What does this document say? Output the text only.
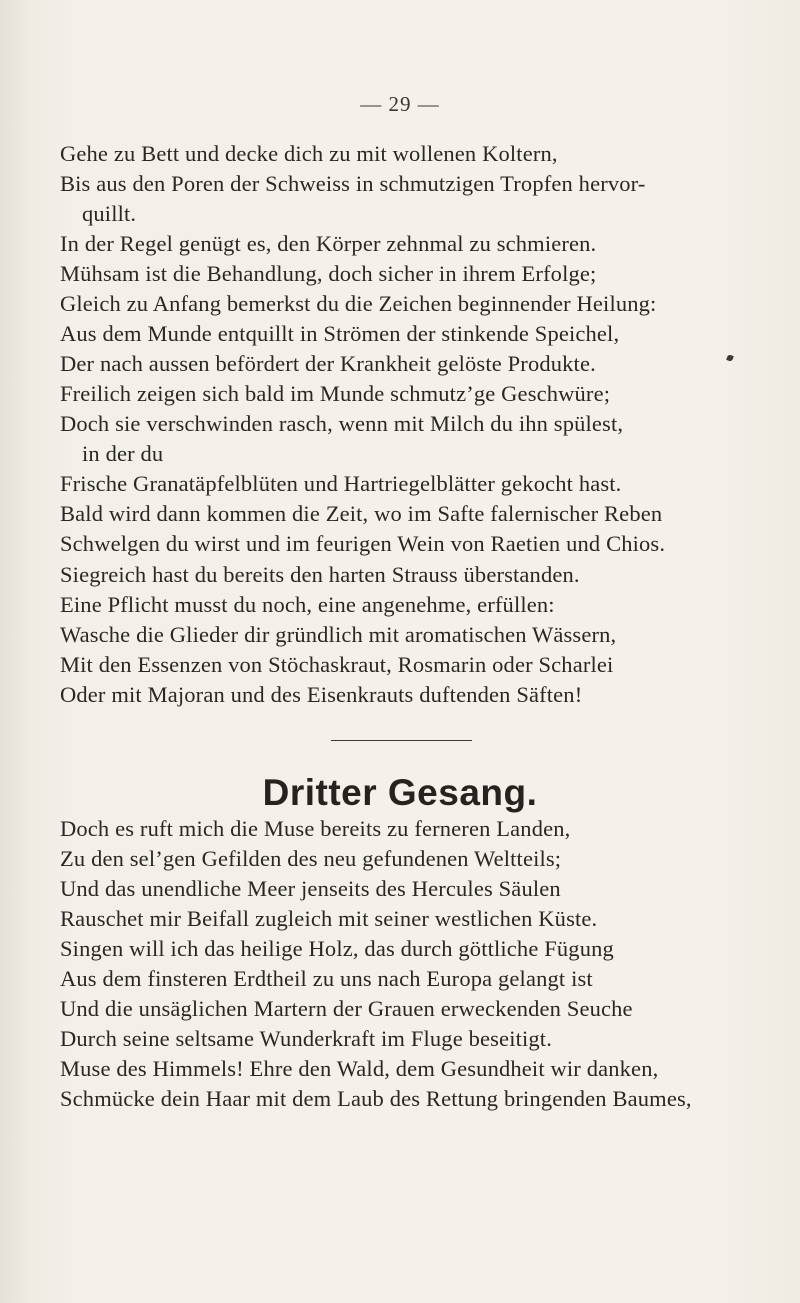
— 29 —
Gehe zu Bett und decke dich zu mit wollenen Koltern,
Bis aus den Poren der Schweiss in schmutzigen Tropfen hervor-
quillt.
In der Regel genügt es, den Körper zehnmal zu schmieren.
Mühsam ist die Behandlung, doch sicher in ihrem Erfolge;
Gleich zu Anfang bemerkst du die Zeichen beginnender Heilung:
Aus dem Munde entquillt in Strömen der stinkende Speichel,
Der nach aussen befördert der Krankheit gelöste Produkte.
Freilich zeigen sich bald im Munde schmutz’ge Geschwüre;
Doch sie verschwinden rasch, wenn mit Milch du ihn spülest,
in der du
Frische Granatäpfelblüten und Hartriegelblätter gekocht hast.
Bald wird dann kommen die Zeit, wo im Safte falernischer Reben
Schwelgen du wirst und im feurigen Wein von Raetien und Chios.
Siegreich hast du bereits den harten Strauss überstanden.
Eine Pflicht musst du noch, eine angenehme, erfüllen:
Wasche die Glieder dir gründlich mit aromatischen Wässern,
Mit den Essenzen von Stöchaskraut, Rosmarin oder Scharlei
Oder mit Majoran und des Eisenkrauts duftenden Säften!
Dritter Gesang.
Doch es ruft mich die Muse bereits zu ferneren Landen,
Zu den sel’gen Gefilden des neu gefundenen Weltteils;
Und das unendliche Meer jenseits des Hercules Säulen
Rauschet mir Beifall zugleich mit seiner westlichen Küste.
Singen will ich das heilige Holz, das durch göttliche Fügung
Aus dem finsteren Erdtheil zu uns nach Europa gelangt ist
Und die unsäglichen Martern der Grauen erweckenden Seuche
Durch seine seltsame Wunderkraft im Fluge beseitigt.
Muse des Himmels! Ehre den Wald, dem Gesundheit wir danken,
Schmücke dein Haar mit dem Laub des Rettung bringenden Baumes,
